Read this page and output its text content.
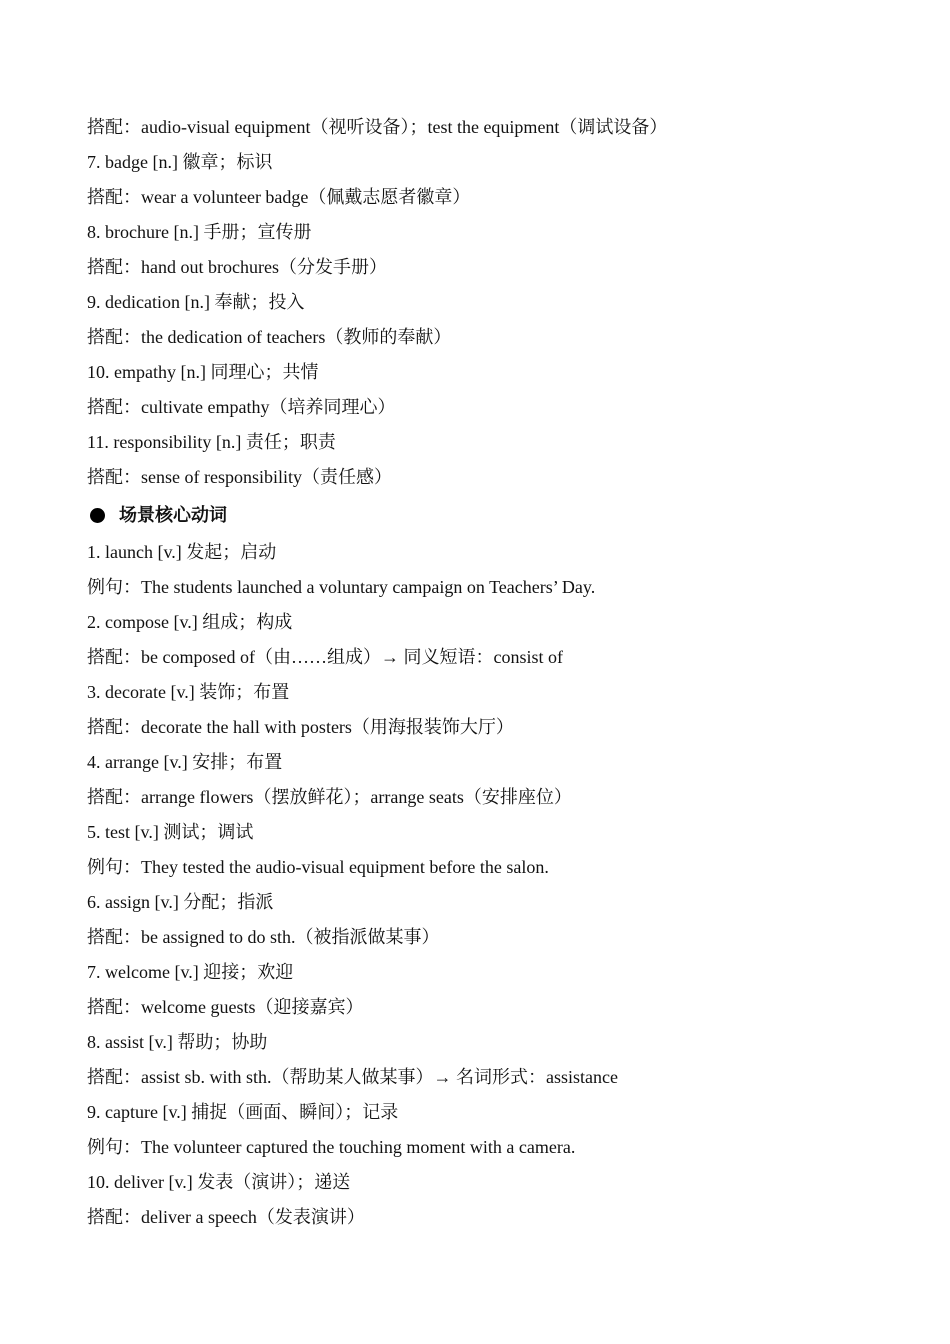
搭配：audio-visual equipment（视听设备）；test the equipment（调试设备）
7. badge [n.] 徽章；标识
搭配：wear a volunteer badge（佩戴志愿者徽章）
8. brochure [n.] 手册；宣传册
搭配：hand out brochures（分发手册）
9. dedication [n.] 奉献；投入
搭配：the dedication of teachers（教师的奉献）
10. empathy [n.] 同理心；共情
搭配：cultivate empathy（培养同理心）
11. responsibility [n.] 责任；职责
搭配：sense of responsibility（责任感）
场景核心动词
1. launch [v.] 发起；启动
例句：The students launched a voluntary campaign on Teachers’ Day.
2. compose [v.] 组成；构成
搭配：be composed of（由……组成）→ 同义短语：consist of
3. decorate [v.] 装饰；布置
搭配：decorate the hall with posters（用海报装饰大厅）
4. arrange [v.] 安排；布置
搭配：arrange flowers（摆放鲜花）；arrange seats（安排座位）
5. test [v.] 测试；调试
例句：They tested the audio-visual equipment before the salon.
6. assign [v.] 分配；指派
搭配：be assigned to do sth.（被指派做某事）
7. welcome [v.] 迎接；欢迎
搭配：welcome guests（迎接嘉宾）
8. assist [v.] 帮助；协助
搭配：assist sb. with sth.（帮助某人做某事）→ 名词形式：assistance
9. capture [v.] 捕捉（画面、瞬间）；记录
例句：The volunteer captured the touching moment with a camera.
10. deliver [v.] 发表（演讲）；递送
搭配：deliver a speech（发表演讲）
